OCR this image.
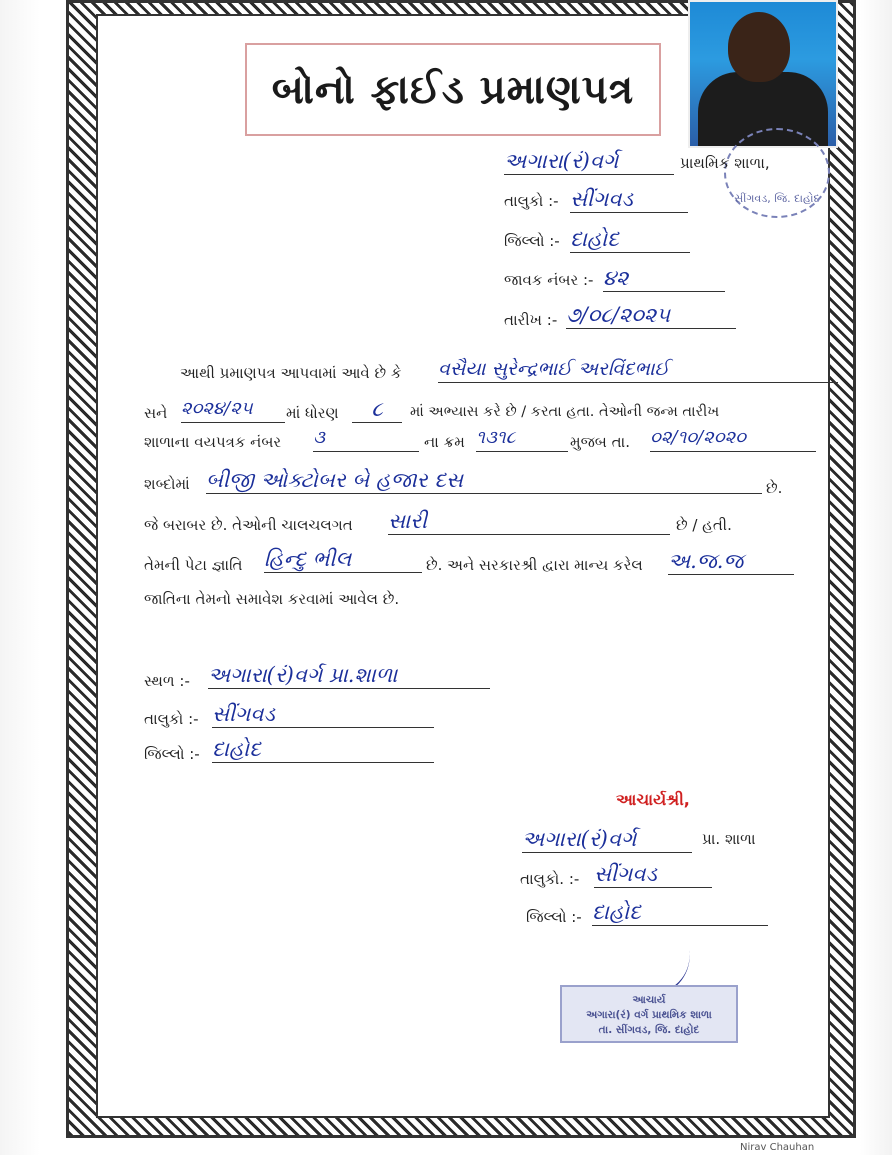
બોનો ફાઈડ પ્રમાણપત્ર
સીંગવડ, જિ. દાહોદ
અગારા(રં)વર્ગ	પ્રાથમિક શાળા,
તાલુકો :- સીંગવડ
જિલ્લો :- દાહોદ
જાવક નંબર :- ૪૨
તારીખ :- ૭/૦૮/૨૦૨૫
આથી પ્રમાણપત્ર આપવામાં આવે છે કે વસૈયા સુરેન્દ્રભાઈ અરવિંદભાઈ
સને ૨૦૨૪/૨૫	માં ધોરણ	૮	માં અભ્યાસ કરે છે / કરતા હતા. તેઓની જન્મ તારીખ
શાળાના વયપત્રક નંબર ૩	ના ક્રમ ૧૩૧૮	મુજબ તા. ૦૨/૧૦/૨૦૨૦
શબ્દોમાં બીજી ઓક્ટોબર બે હજાર દસ	છે.
જે બરાબર છે. તેઓની ચાલચલગત સારી	છે / હતી.
તેમની પેટા જ્ઞાતિ હિન્દુ ભીલ	છે. અને સરકારશ્રી દ્વારા માન્ય કરેલ અ.જ.જ
જાતિના તેમનો સમાવેશ કરવામાં આવેલ છે.
સ્થળ :- અગારા(રં)વર્ગ પ્રા.શાળા
તાલુકો :- સીંગવડ
જિલ્લો :- દાહોદ
આચાર્યશ્રી,
અગારા(રં)વર્ગ	પ્રા. શાળા
તાલુકો. :- સીંગવડ
જિલ્લો :- દાહોદ
આચાર્ય
અગારા(રં) વર્ગ પ્રાથમિક શાળા
તા. સીંગવડ, જિ. દાહોદ
Nirav Chauhan
